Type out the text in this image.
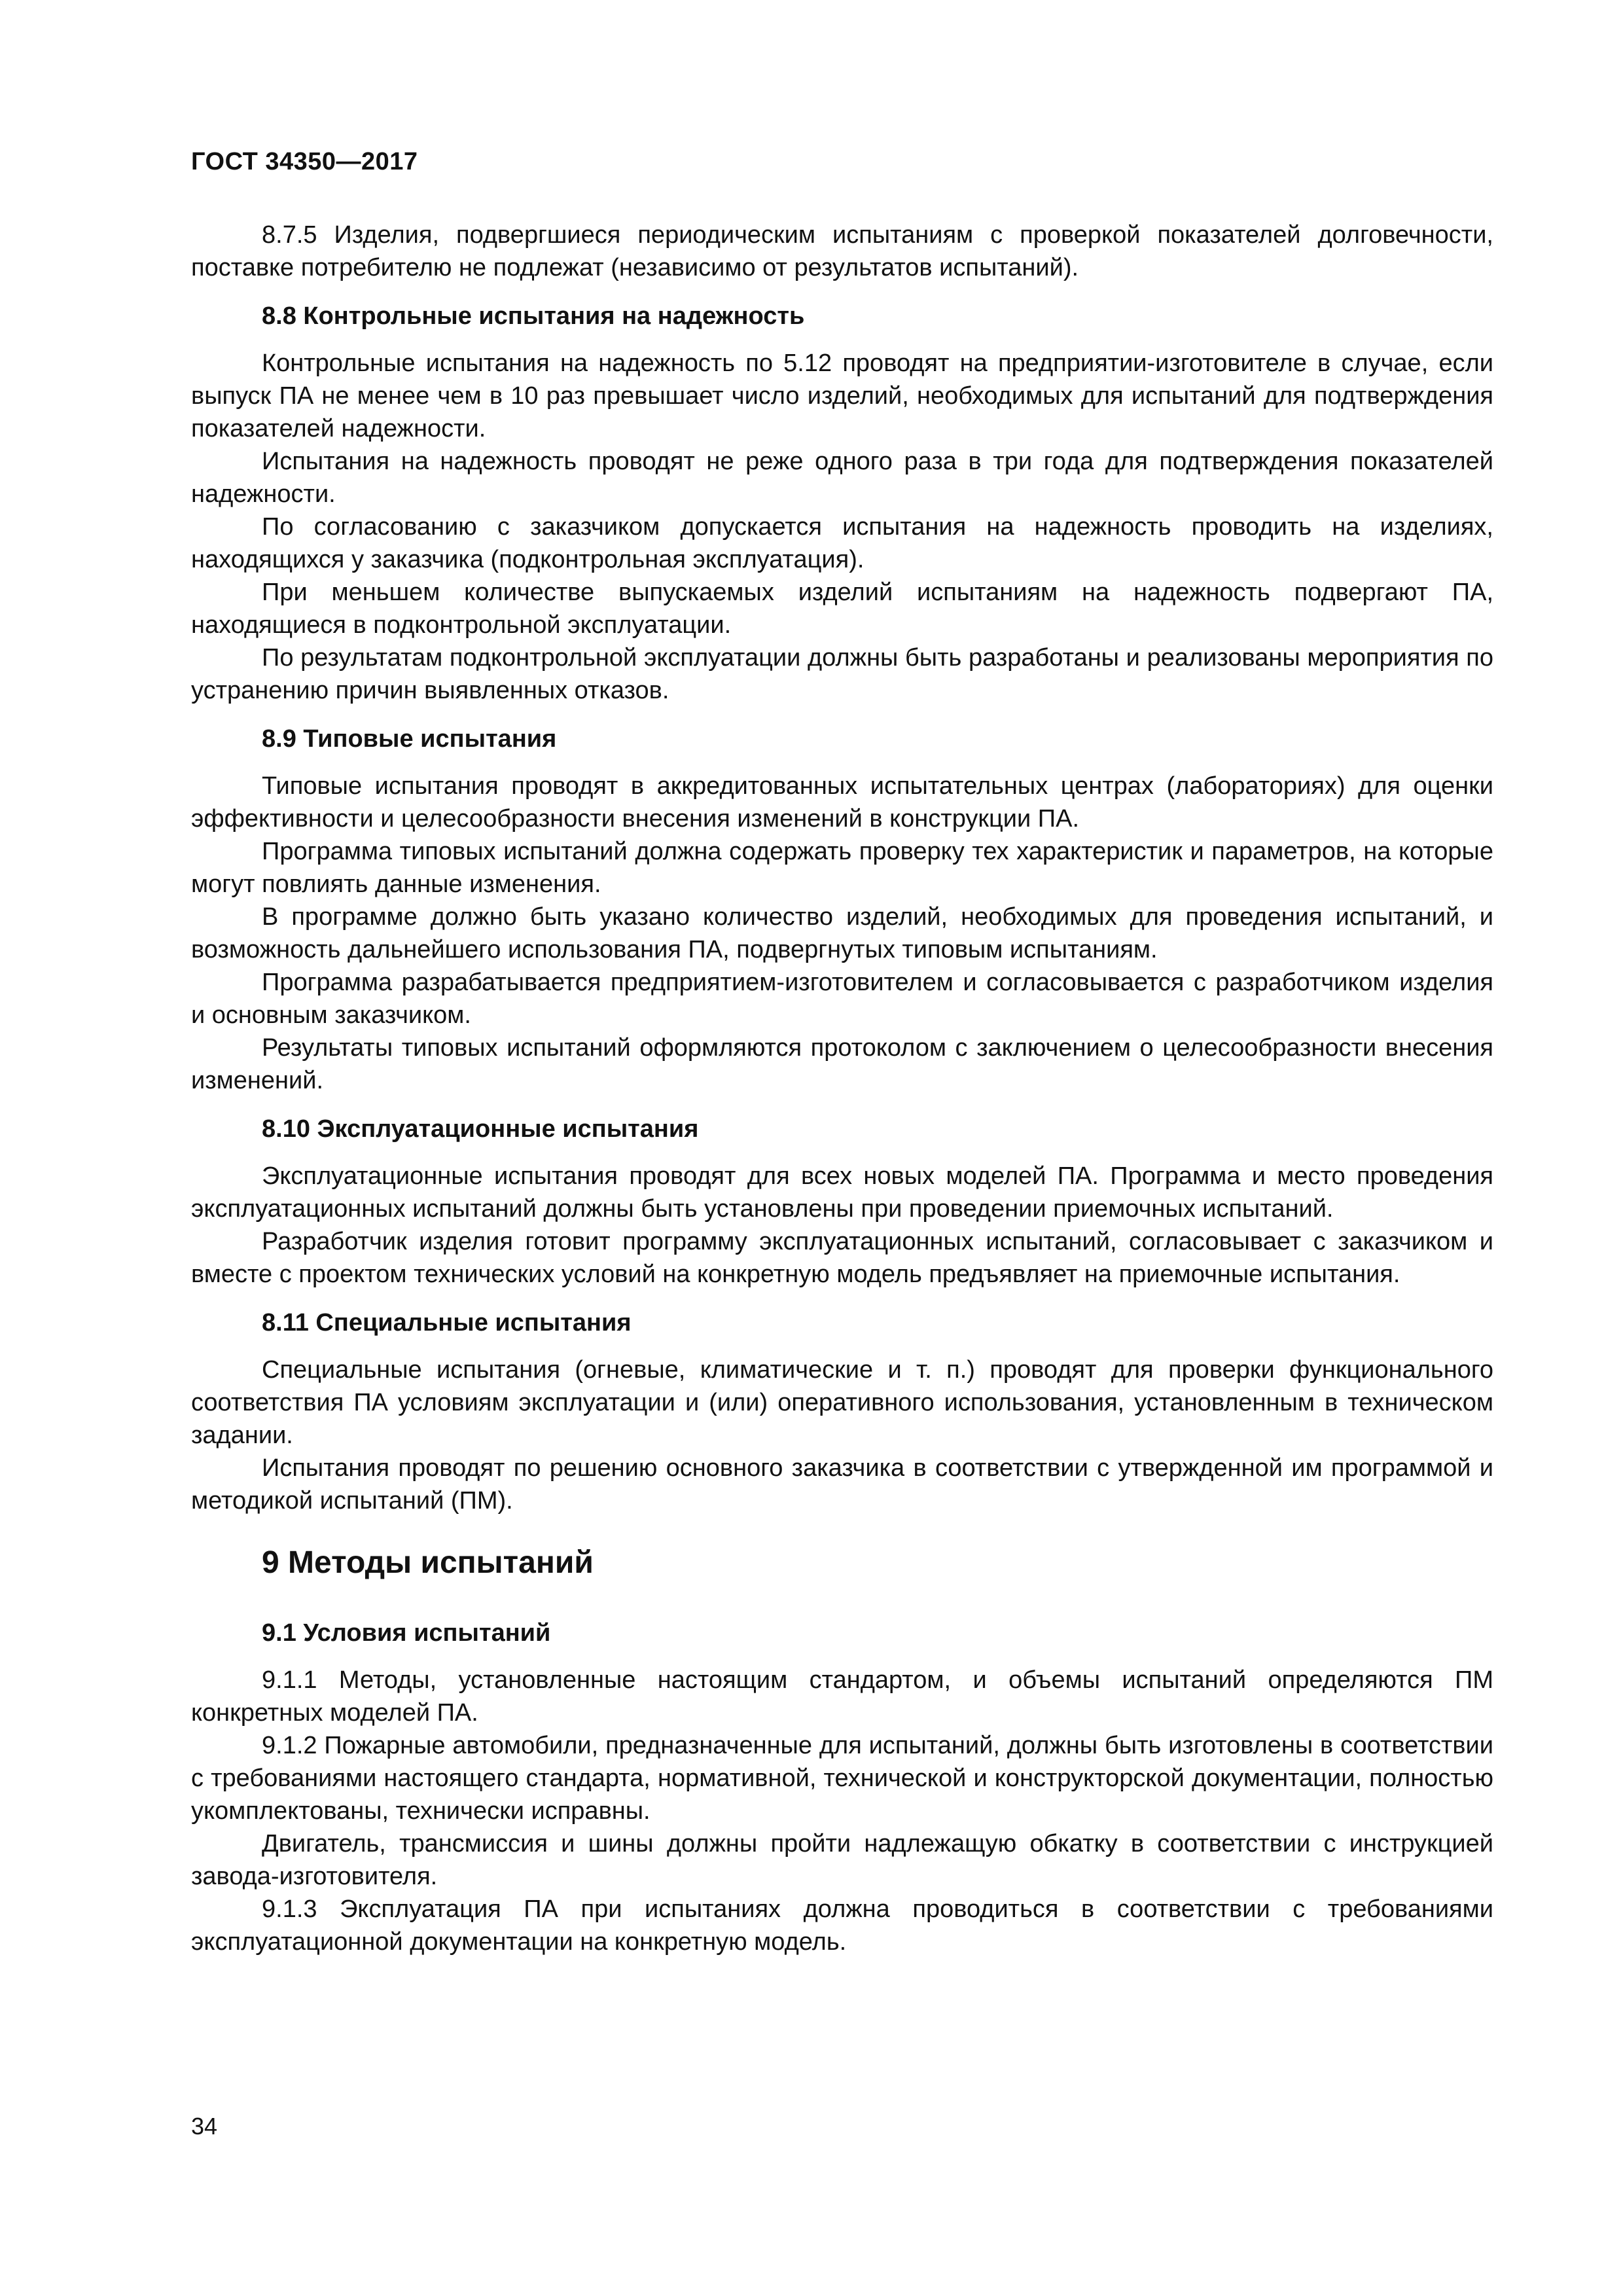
ГОСТ 34350—2017

8.7.5 Изделия, подвергшиеся периодическим испытаниям с проверкой показателей долговечности, поставке потребителю не подлежат (независимо от результатов испытаний).

8.8 Контрольные испытания на надежность

Контрольные испытания на надежность по 5.12 проводят на предприятии-изготовителе в случае, если выпуск ПА не менее чем в 10 раз превышает число изделий, необходимых для испытаний для подтверждения показателей надежности.

Испытания на надежность проводят не реже одного раза в три года для подтверждения показателей надежности.

По согласованию с заказчиком допускается испытания на надежность проводить на изделиях, находящихся у заказчика (подконтрольная эксплуатация).

При меньшем количестве выпускаемых изделий испытаниям на надежность подвергают ПА, находящиеся в подконтрольной эксплуатации.

По результатам подконтрольной эксплуатации должны быть разработаны и реализованы мероприятия по устранению причин выявленных отказов.

8.9 Типовые испытания

Типовые испытания проводят в аккредитованных испытательных центрах (лабораториях) для оценки эффективности и целесообразности внесения изменений в конструкции ПА.

Программа типовых испытаний должна содержать проверку тех характеристик и параметров, на которые могут повлиять данные изменения.

В программе должно быть указано количество изделий, необходимых для проведения испытаний, и возможность дальнейшего использования ПА, подвергнутых типовым испытаниям.

Программа разрабатывается предприятием-изготовителем и согласовывается с разработчиком изделия и основным заказчиком.

Результаты типовых испытаний оформляются протоколом с заключением о целесообразности внесения изменений.

8.10 Эксплуатационные испытания

Эксплуатационные испытания проводят для всех новых моделей ПА. Программа и место проведения эксплуатационных испытаний должны быть установлены при проведении приемочных испытаний.

Разработчик изделия готовит программу эксплуатационных испытаний, согласовывает с заказчиком и вместе с проектом технических условий на конкретную модель предъявляет на приемочные испытания.

8.11 Специальные испытания

Специальные испытания (огневые, климатические и т. п.) проводят для проверки функционального соответствия ПА условиям эксплуатации и (или) оперативного использования, установленным в техническом задании.

Испытания проводят по решению основного заказчика в соответствии с утвержденной им программой и методикой испытаний (ПМ).

9 Методы испытаний
9.1 Условия испытаний

9.1.1 Методы, установленные настоящим стандартом, и объемы испытаний определяются ПМ конкретных моделей ПА.

9.1.2 Пожарные автомобили, предназначенные для испытаний, должны быть изготовлены в соответствии с требованиями настоящего стандарта, нормативной, технической и конструкторской документации, полностью укомплектованы, технически исправны.

Двигатель, трансмиссия и шины должны пройти надлежащую обкатку в соответствии с инструкцией завода-изготовителя.

9.1.3 Эксплуатация ПА при испытаниях должна проводиться в соответствии с требованиями эксплуатационной документации на конкретную модель.

34
